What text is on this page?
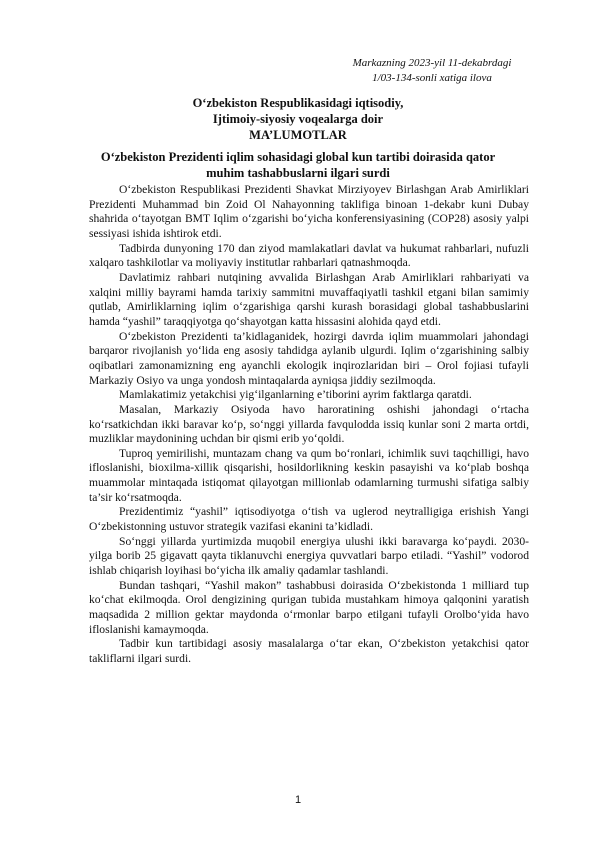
Markazning 2023-yil 11-dekabrdagi
1/03-134-sonli xatiga ilova
O‘zbekiston Respublikasidagi iqtisodiy,
Ijtimoiy-siyosiy voqealarga doir
MA’LUMOTLAR
O‘zbekiston Prezidenti iqlim sohasidagi global kun tartibi doirasida qator
muhim tashabbuslarni ilgari surdi

O‘zbekiston Respublikasi Prezidenti Shavkat Mirziyoyev Birlashgan Arab Amirliklari Prezidenti Muhammad bin Zoid Ol Nahayonning taklifiga binoan 1-dekabr kuni Dubay shahrida o‘tayotgan BMT Iqlim o‘zgarishi bo‘yicha konferensiyasining (COP28) asosiy yalpi sessiyasi ishida ishtirok etdi.

Tadbirda dunyoning 170 dan ziyod mamlakatlari davlat va hukumat rahbarlari, nufuzli xalqaro tashkilotlar va moliyaviy institutlar rahbarlari qatnashmoqda.

Davlatimiz rahbari nutqining avvalida Birlashgan Arab Amirliklari rahbariyati va xalqini milliy bayrami hamda tarixiy sammitni muvaffaqiyatli tashkil etgani bilan samimiy qutlab, Amirliklarning iqlim o‘zgarishiga qarshi kurash borasidagi global tashabbuslarini hamda “yashil” taraqqiyotga qo‘shayotgan katta hissasini alohida qayd etdi.

O‘zbekiston Prezidenti ta’kidlaganidek, hozirgi davrda iqlim muammolari jahondagi barqaror rivojlanish yo‘lida eng asosiy tahdidga aylanib ulgurdi. Iqlim o‘zgarishining salbiy oqibatlari zamonamizning eng ayanchli ekologik inqirozlaridan biri – Orol fojiasi tufayli Markaziy Osiyo va unga yondosh mintaqalarda ayniqsa jiddiy sezilmoqda.

Mamlakatimiz yetakchisi yig‘ilganlarning e’tiborini ayrim faktlarga qaratdi.

Masalan, Markaziy Osiyoda havo haroratining oshishi jahondagi o‘rtacha ko‘rsatkichdan ikki baravar ko‘p, so‘nggi yillarda favqulodda issiq kunlar soni 2 marta ortdi, muzliklar maydonining uchdan bir qismi erib yo‘qoldi.

Tuproq yemirilishi, muntazam chang va qum bo‘ronlari, ichimlik suvi taqchilligi, havo ifloslanishi, bioxilma-xillik qisqarishi, hosildorlikning keskin pasayishi va ko‘plab boshqa muammolar mintaqada istiqomat qilayotgan millionlab odamlarning turmushi sifatiga salbiy ta’sir ko‘rsatmoqda.

Prezidentimiz “yashil” iqtisodiyotga o‘tish va uglerod neytralligiga erishish Yangi O‘zbekistonning ustuvor strategik vazifasi ekanini ta’kidladi.

So‘nggi yillarda yurtimizda muqobil energiya ulushi ikki baravarga ko‘paydi. 2030-yilga borib 25 gigavatt qayta tiklanuvchi energiya quvvatlari barpo etiladi. “Yashil” vodorod ishlab chiqarish loyihasi bo‘yicha ilk amaliy qadamlar tashlandi.

Bundan tashqari, “Yashil makon” tashabbusi doirasida O‘zbekistonda 1 milliard tup ko‘chat ekilmoqda. Orol dengizining qurigan tubida mustahkam himoya qalqonini yaratish maqsadida 2 million gektar maydonda o‘rmonlar barpo etilgani tufayli Orolbo‘yida havo ifloslanishi kamaymoqda.

Tadbir kun tartibidagi asosiy masalalarga o‘tar ekan, O‘zbekiston yetakchisi qator takliflarni ilgari surdi.

1
